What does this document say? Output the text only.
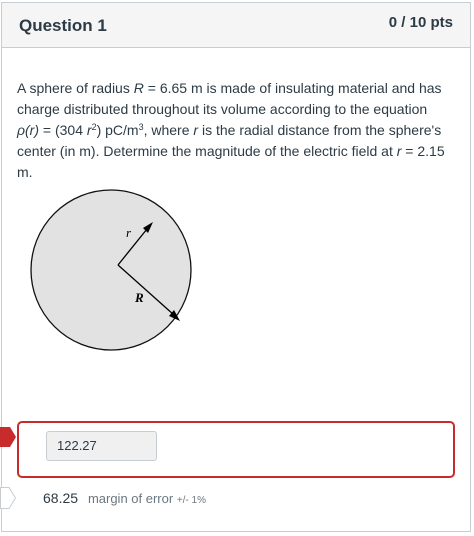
Question 1	0 / 10 pts
A sphere of radius R = 6.65 m is made of insulating material and has charge distributed throughout its volume according to the equation ρ(r) = (304 $r^2$) $pC/m^3$, where r is the radial distance from the sphere's center (in m). Determine the magnitude of the electric field at r = 2.15 m.
r
R
122.27
68.25 margin of error +/- 1%
